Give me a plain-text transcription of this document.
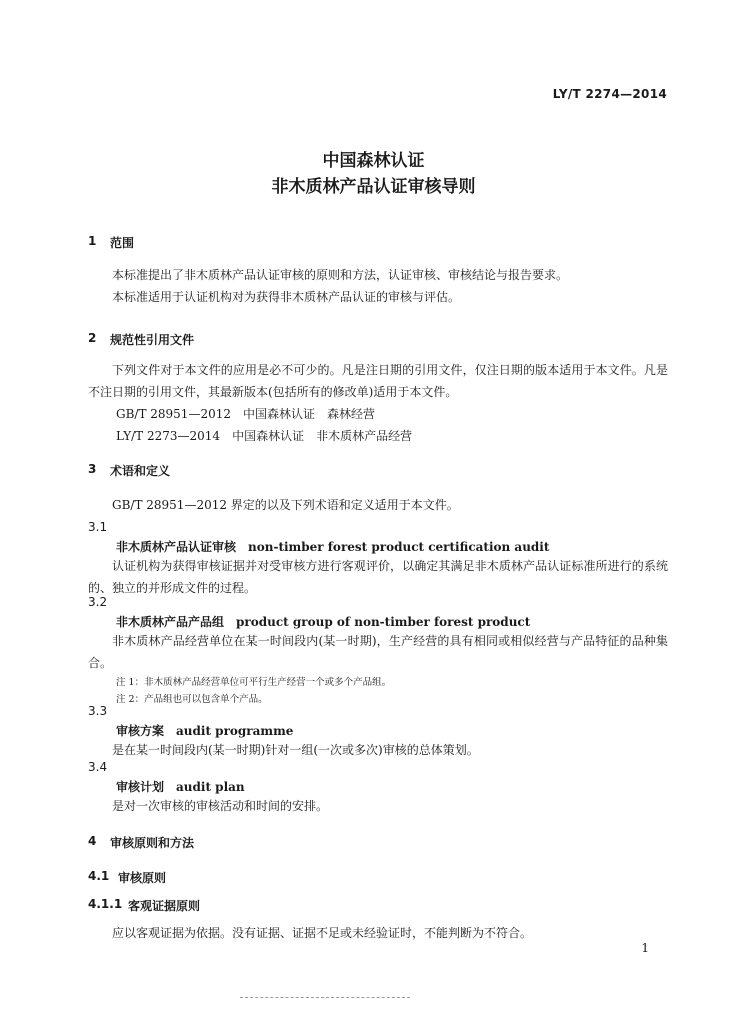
LY/T 2274—2014
中国森林认证
非木质林产品认证审核导则
1	范围
本标准提出了非木质林产品认证审核的原则和方法，认证审核、审核结论与报告要求。
本标准适用于认证机构对为获得非木质林产品认证的审核与评估。
2	规范性引用文件
下列文件对于本文件的应用是必不可少的。凡是注日期的引用文件，仅注日期的版本适用于本文件。凡是不注日期的引用文件，其最新版本(包括所有的修改单)适用于本文件。
GB/T 28951—2012 中国森林认证 森林经营
LY/T 2273—2014 中国森林认证 非木质林产品经营
3	术语和定义
GB/T 28951—2012 界定的以及下列术语和定义适用于本文件。
3.1
非木质林产品认证审核 non-timber forest product certification audit
认证机构为获得审核证据并对受审核方进行客观评价，以确定其满足非木质林产品认证标准所进行的系统的、独立的并形成文件的过程。
3.2
非木质林产品产品组 product group of non-timber forest product
非木质林产品经营单位在某一时间段内(某一时期)，生产经营的具有相同或相似经营与产品特征的品种集合。
注 1：非木质林产品经营单位可平行生产经营一个或多个产品组。
注 2：产品组也可以包含单个产品。
3.3
审核方案 audit programme
是在某一时间段内(某一时期)针对一组(一次或多次)审核的总体策划。
3.4
审核计划 audit plan
是对一次审核的审核活动和时间的安排。
4	审核原则和方法
4.1 审核原则
4.1.1 客观证据原则
应以客观证据为依据。没有证据、证据不足或未经验证时，不能判断为不符合。
1
